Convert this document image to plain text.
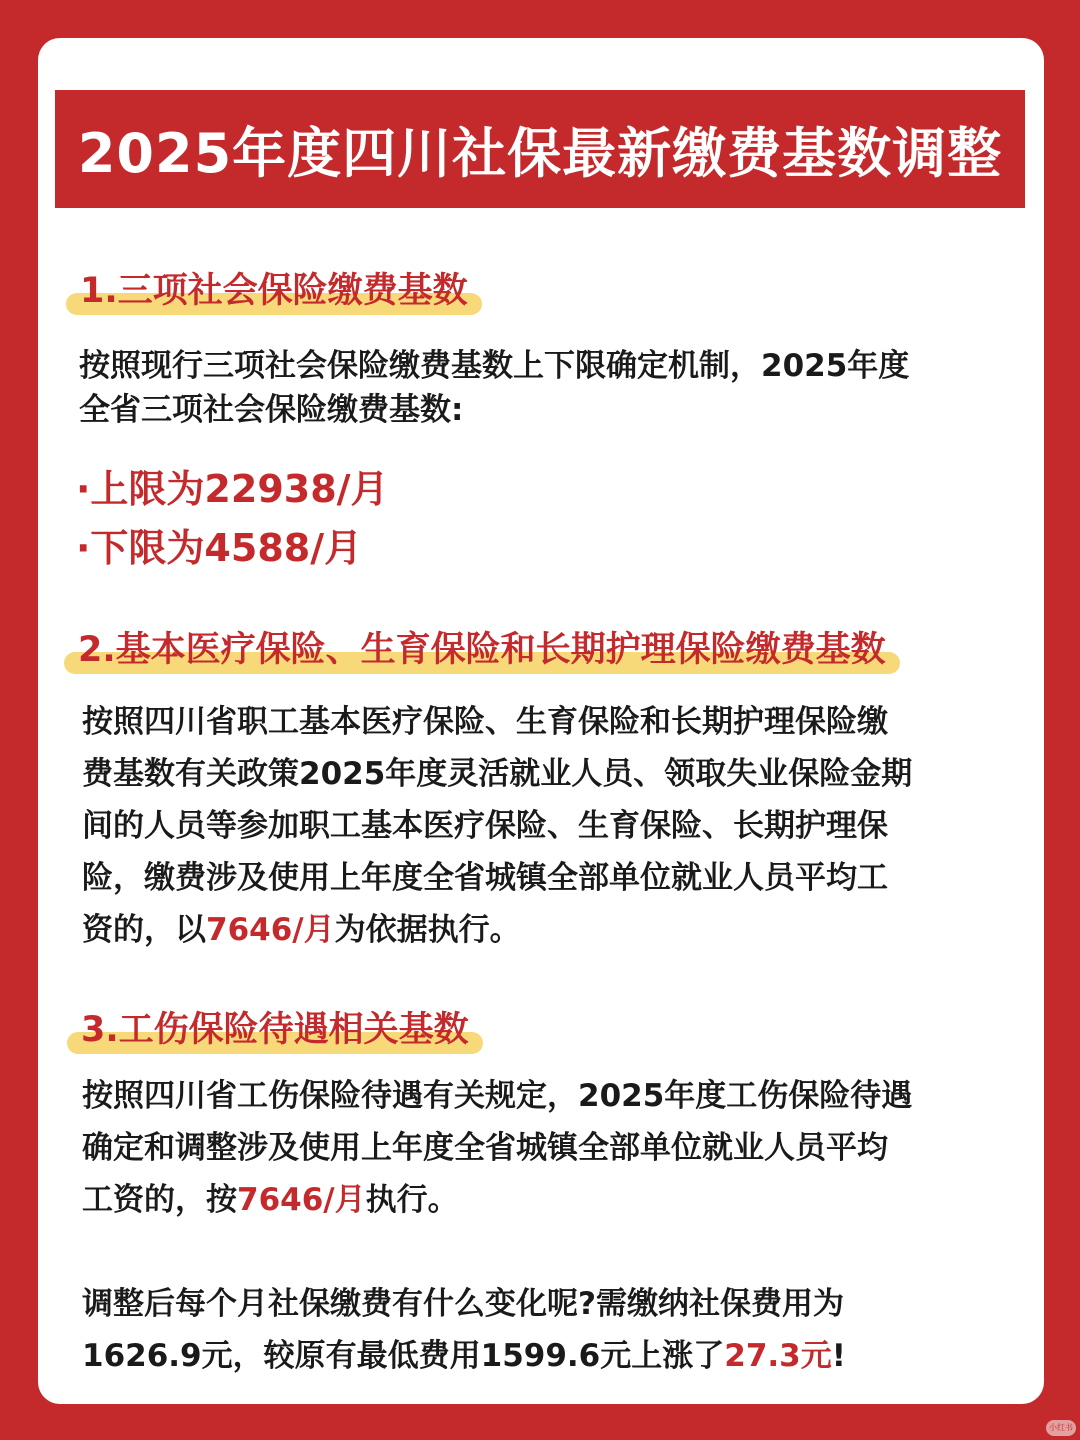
2025年度四川社保最新缴费基数调整
1.三项社会保险缴费基数
按照现行三项社会保险缴费基数上下限确定机制，2025年度
全省三项社会保险缴费基数:
·上限为22938/月
·下限为4588/月
2.基本医疗保险、生育保险和长期护理保险缴费基数
按照四川省职工基本医疗保险、生育保险和长期护理保险缴
费基数有关政策2025年度灵活就业人员、领取失业保险金期
间的人员等参加职工基本医疗保险、生育保险、长期护理保
险，缴费涉及使用上年度全省城镇全部单位就业人员平均工
资的，以7646/月为依据执行。
3.工伤保险待遇相关基数
按照四川省工伤保险待遇有关规定，2025年度工伤保险待遇
确定和调整涉及使用上年度全省城镇全部单位就业人员平均
工资的，按7646/月执行。
调整后每个月社保缴费有什么变化呢?需缴纳社保费用为
1626.9元，较原有最低费用1599.6元上涨了27.3元!
小红书
